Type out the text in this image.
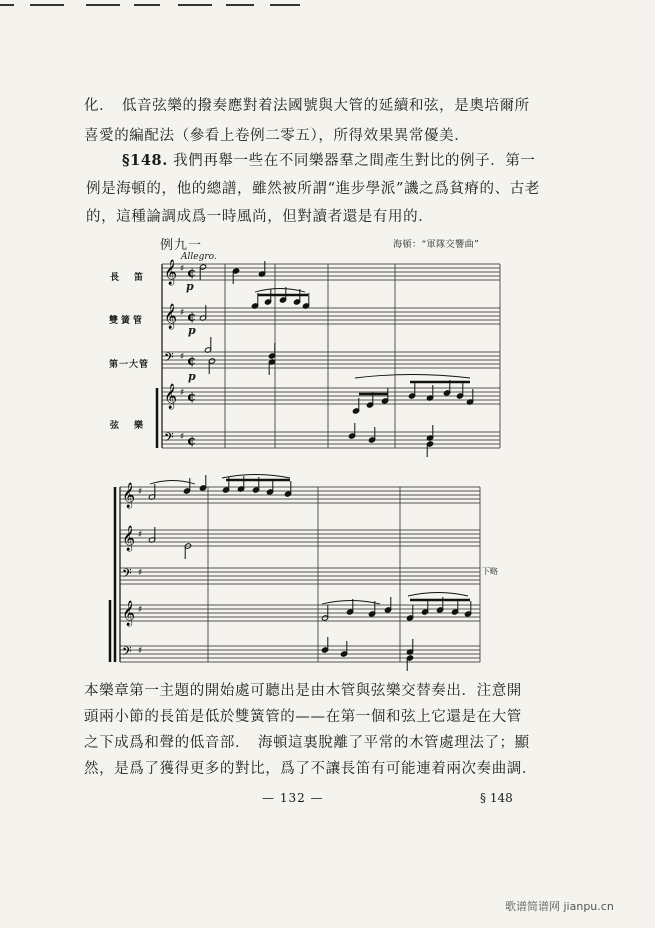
化．　低音弦樂的撥奏應對着法國號與大管的延續和弦，是奧培爾所
喜愛的編配法（參看上卷例二零五），所得效果異常優美．
§148. 我們再舉一些在不同樂器羣之間產生對比的例子．第一
例是海頓的，他的總譜，雖然被所謂“進步學派”譏之爲貧瘠的、古老
的，這種論調成爲一時風尚，但對讀者還是有用的．
例九一	海頓：“軍隊交響曲”
Allegro.
長　笛
雙簧管
第一大管
弦　樂
p
p
p
下略
𝄞 ♯ ¢
𝄞 ♯ ¢
𝄢 ♯ ¢
𝄞 ♯ ¢
𝄢 ♯ ¢
𝄞 ♯
𝄞 ♯
𝄢 ♯
𝄞 ♯
𝄢 ♯
本樂章第一主題的開始處可聽出是由木管與弦樂交替奏出．注意開
頭兩小節的長笛是低於雙簧管的——在第一個和弦上它還是在大管
之下成爲和聲的低音部．　海頓這裏脫離了平常的木管處理法了；顯
然，是爲了獲得更多的對比，爲了不讓長笛有可能連着兩次奏曲調．
— 132 —	§ 148
歌谱简谱网 jianpu.cn
